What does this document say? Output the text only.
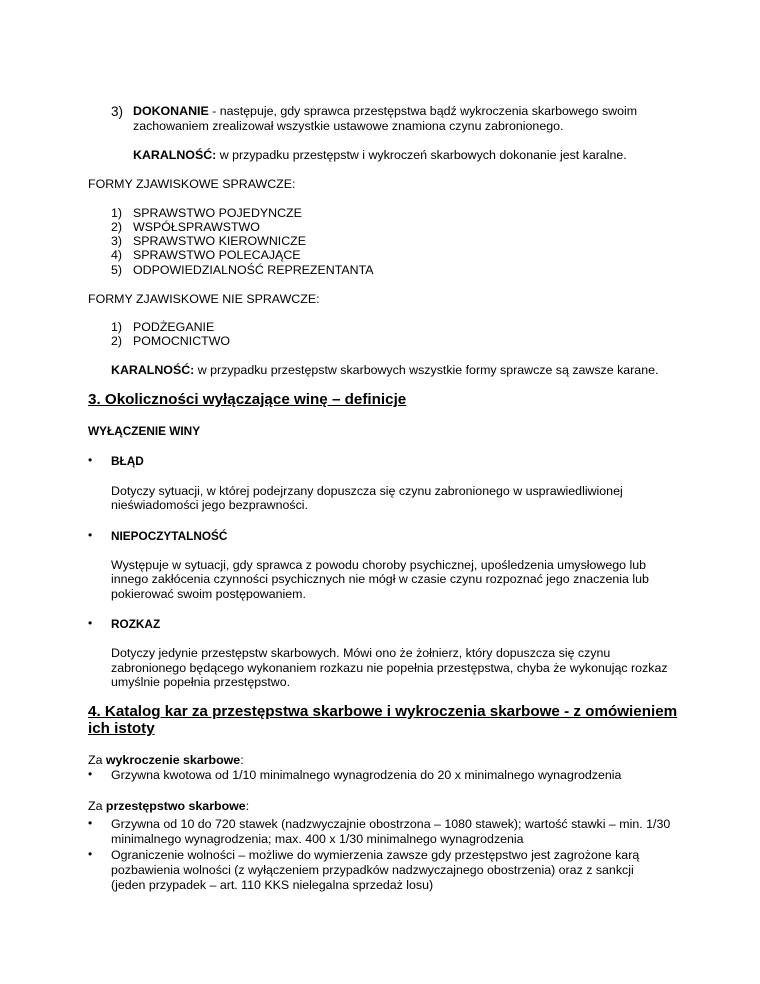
3) DOKONANIE - następuje, gdy sprawca przestępstwa bądź wykroczenia skarbowego swoim
zachowaniem zrealizował wszystkie ustawowe znamiona czynu zabronionego.
KARALNOŚĆ: w przypadku przestępstw i wykroczeń skarbowych dokonanie jest karalne.
FORMY ZJAWISKOWE SPRAWCZE:
1) SPRAWSTWO POJEDYNCZE
2) WSPÓŁSPRAWSTWO
3) SPRAWSTWO KIEROWNICZE
4) SPRAWSTWO POLECAJĄCE
5) ODPOWIEDZIALNOŚĆ REPREZENTANTA
FORMY ZJAWISKOWE NIE SPRAWCZE:
1) PODŻEGANIE
2) POMOCNICTWO
KARALNOŚĆ: w przypadku przestępstw skarbowych wszystkie formy sprawcze są zawsze karane.
3. Okoliczności wyłączające winę – definicje
WYŁĄCZENIE WINY
• BŁĄD
Dotyczy sytuacji, w której podejrzany dopuszcza się czynu zabronionego w usprawiedliwionej
nieświadomości jego bezprawności.
• NIEPOCZYTALNOŚĆ
Występuje w sytuacji, gdy sprawca z powodu choroby psychicznej, upośledzenia umysłowego lub
innego zakłócenia czynności psychicznych nie mógł w czasie czynu rozpoznać jego znaczenia lub
pokierować swoim postępowaniem.
• ROZKAZ
Dotyczy jedynie przestępstw skarbowych. Mówi ono że żołnierz, który dopuszcza się czynu
zabronionego będącego wykonaniem rozkazu nie popełnia przestępstwa, chyba że wykonując rozkaz
umyślnie popełnia przestępstwo.
4. Katalog kar za przestępstwa skarbowe i wykroczenia skarbowe - z omówieniem
ich istoty
Za wykroczenie skarbowe:
• Grzywna kwotowa od 1/10 minimalnego wynagrodzenia do 20 x minimalnego wynagrodzenia
Za przestępstwo skarbowe:
• Grzywna od 10 do 720 stawek (nadzwyczajnie obostrzona – 1080 stawek); wartość stawki – min. 1/30
minimalnego wynagrodzenia; max. 400 x 1/30 minimalnego wynagrodzenia
• Ograniczenie wolności – możliwe do wymierzenia zawsze gdy przestępstwo jest zagrożone karą
pozbawienia wolności (z wyłączeniem przypadków nadzwyczajnego obostrzenia) oraz z sankcji
(jeden przypadek – art. 110 KKS nielegalna sprzedaż losu)
